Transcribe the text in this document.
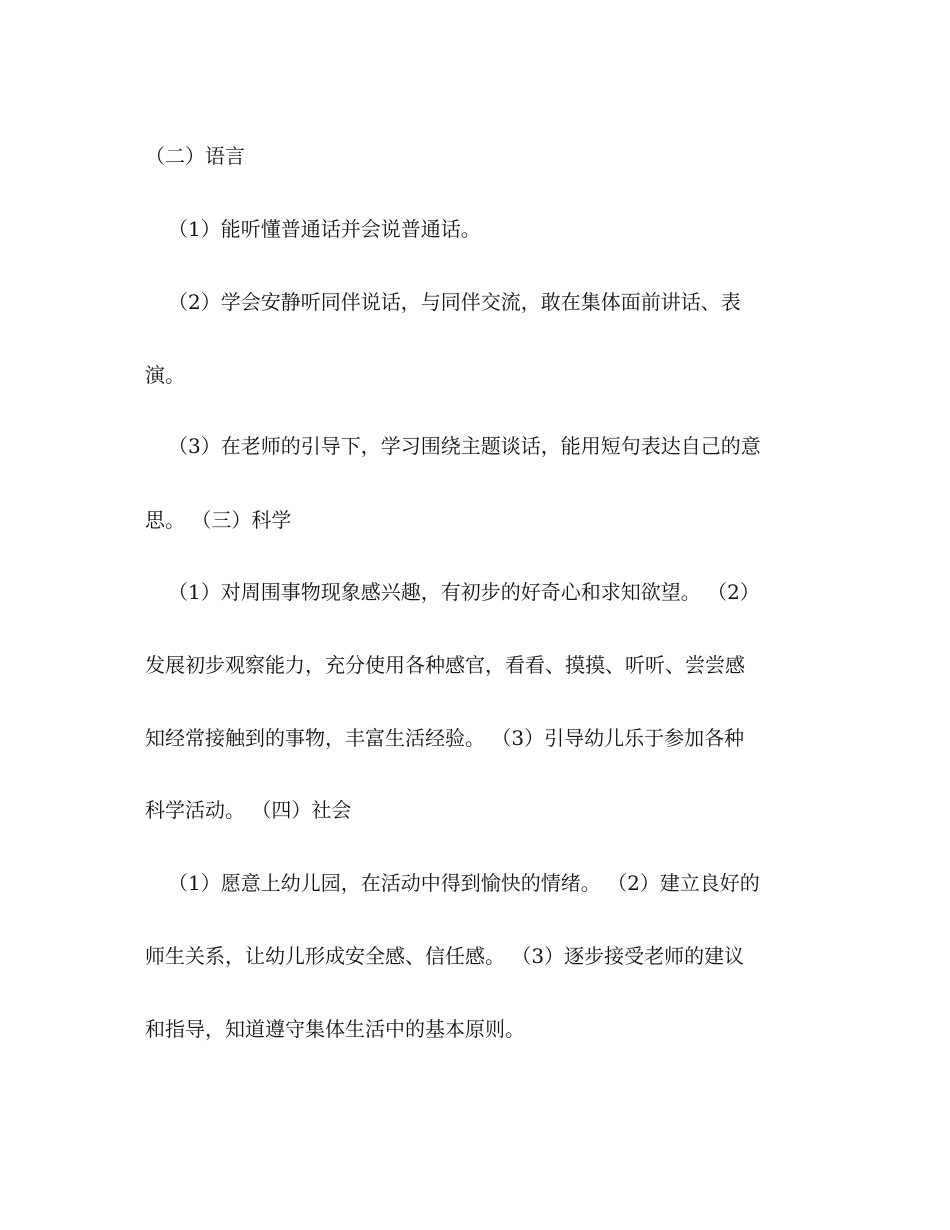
（二）语言

（1）能听懂普通话并会说普通话。

（2）学会安静听同伴说话，与同伴交流，敢在集体面前讲话、表

演。

（3）在老师的引导下，学习围绕主题谈话，能用短句表达自己的意

思。 （三）科学

（1）对周围事物现象感兴趣，有初步的好奇心和求知欲望。 （2）

发展初步观察能力，充分使用各种感官，看看、摸摸、听听、尝尝感

知经常接触到的事物，丰富生活经验。 （3）引导幼儿乐于参加各种

科学活动。 （四）社会

（1）愿意上幼儿园，在活动中得到愉快的情绪。 （2）建立良好的

师生关系，让幼儿形成安全感、信任感。 （3）逐步接受老师的建议

和指导，知道遵守集体生活中的基本原则。
